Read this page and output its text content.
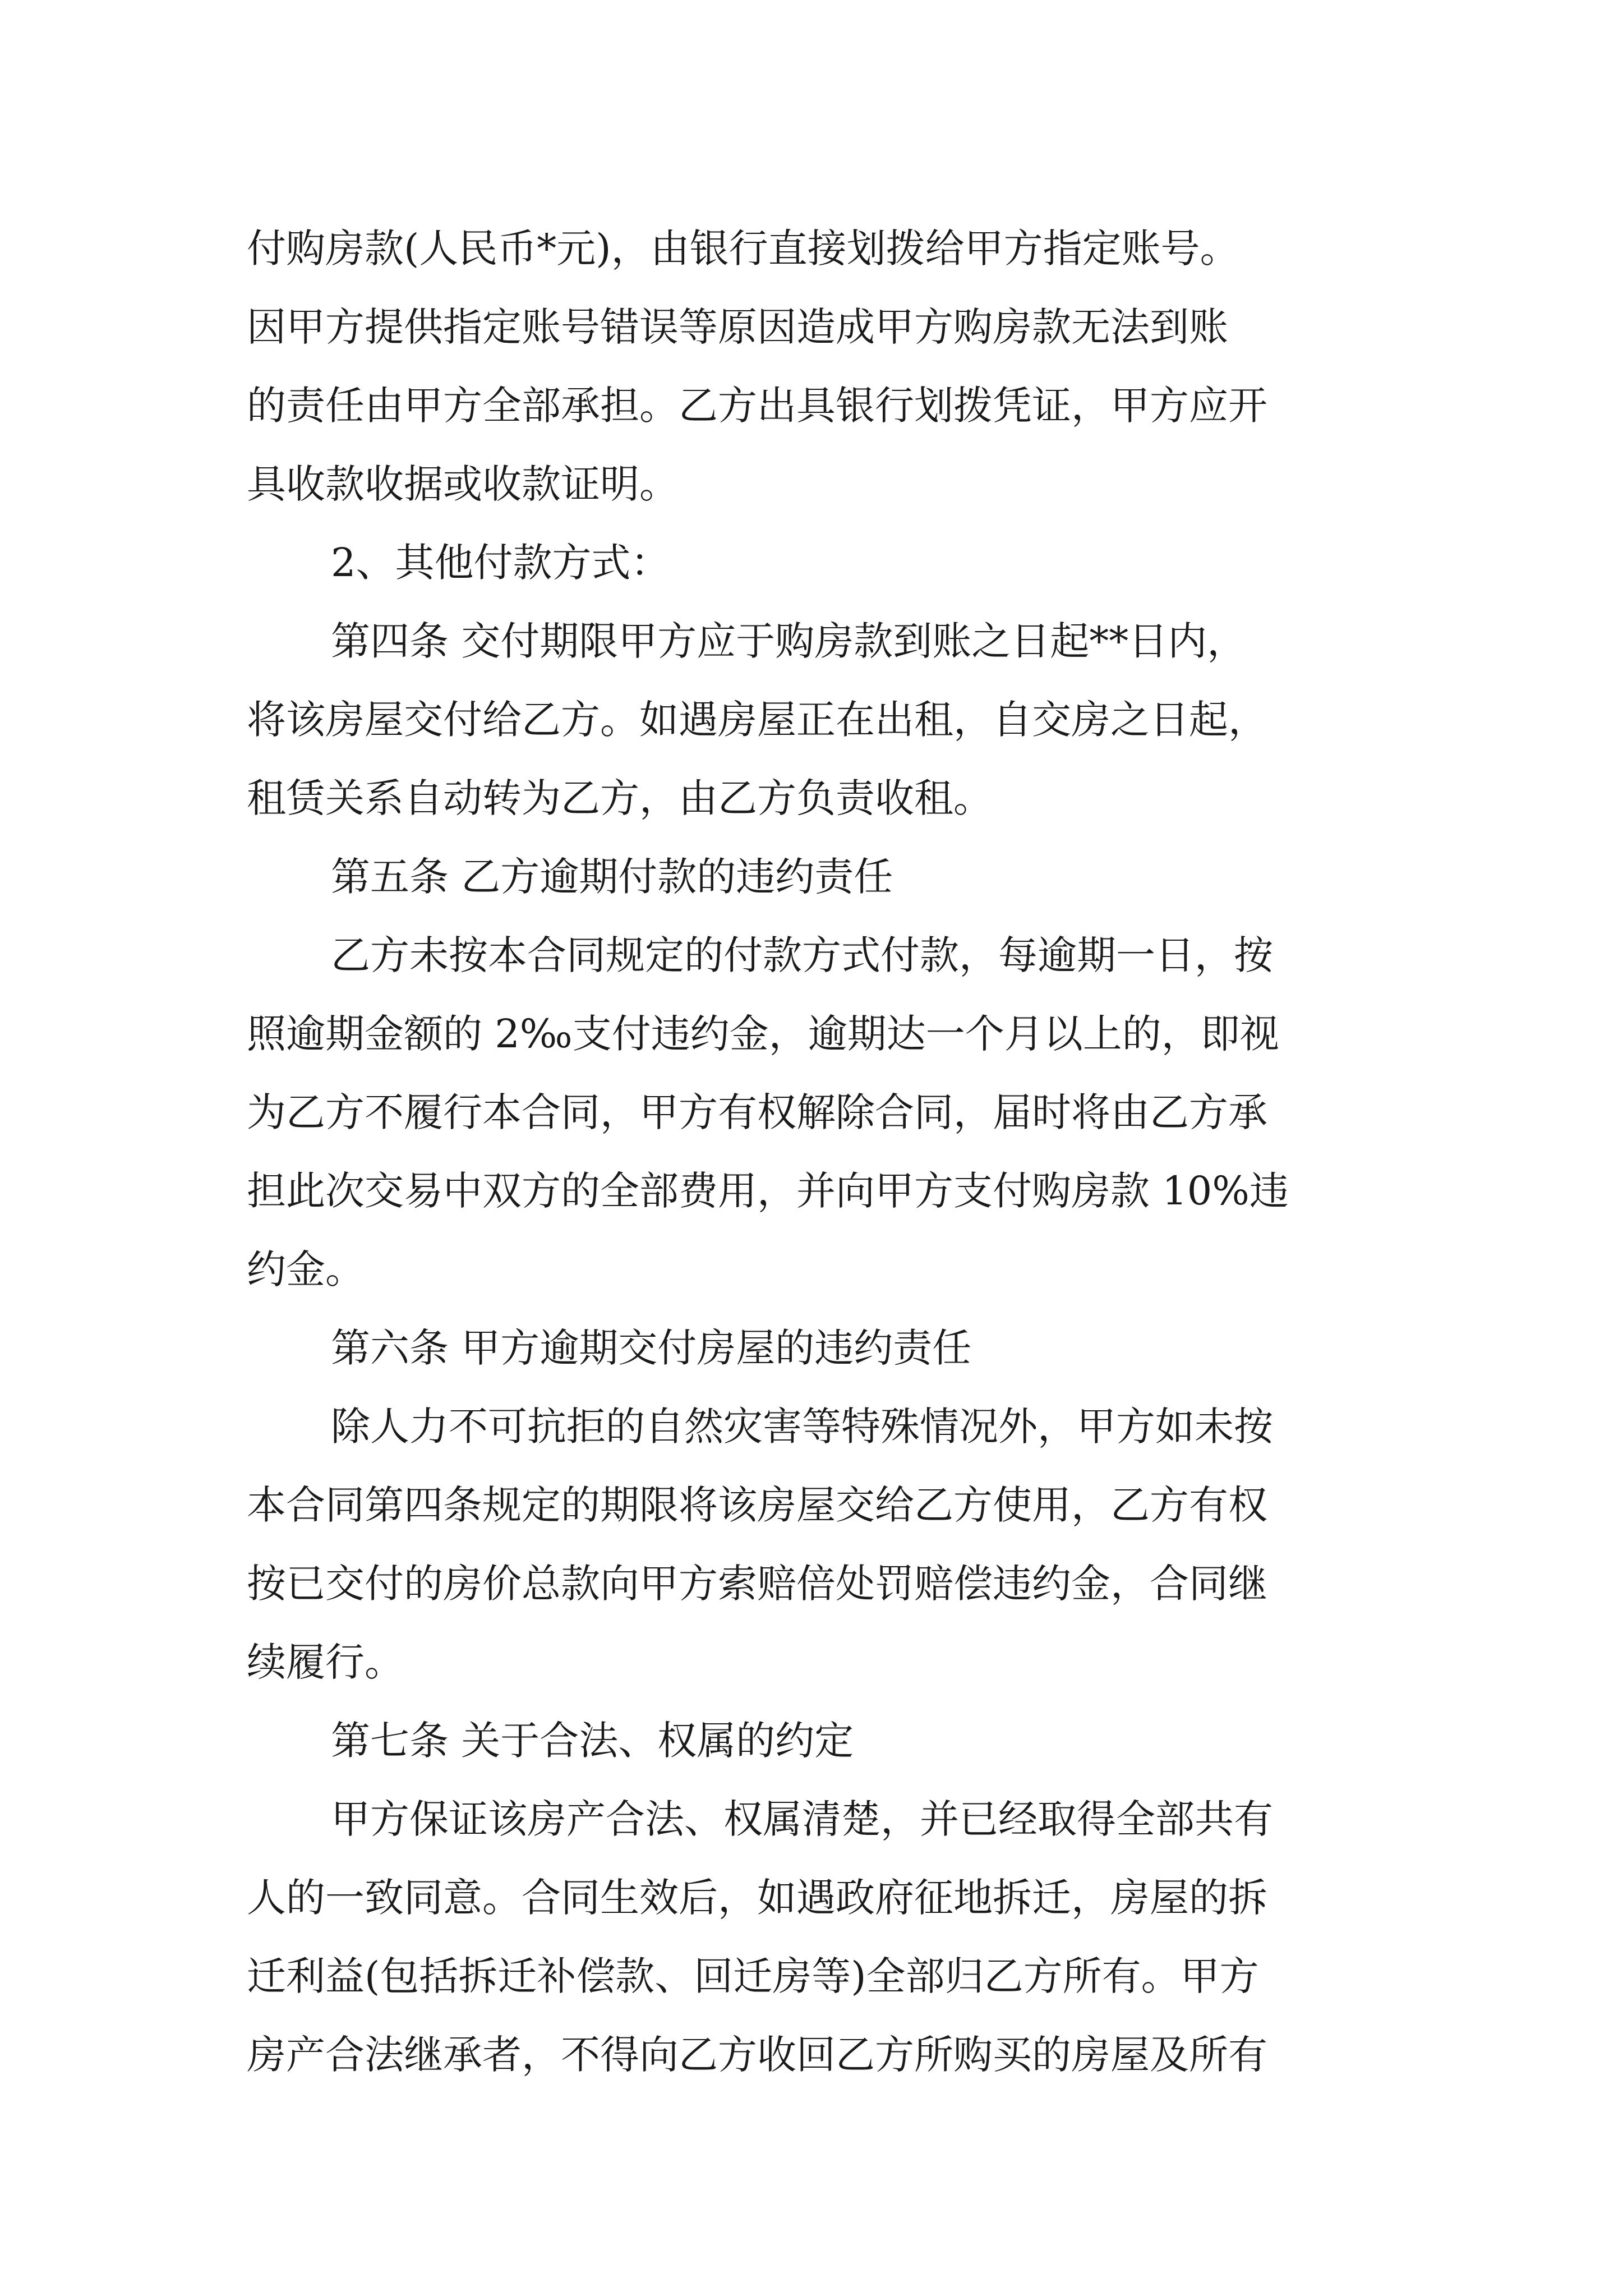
付购房款(人民币*元)，由银行直接划拨给甲方指定账号。
因甲方提供指定账号错误等原因造成甲方购房款无法到账
的责任由甲方全部承担。乙方出具银行划拨凭证，甲方应开
具收款收据或收款证明。
2、其他付款方式：
第四条 交付期限甲方应于购房款到账之日起**日内，
将该房屋交付给乙方。如遇房屋正在出租，自交房之日起，
租赁关系自动转为乙方，由乙方负责收租。
第五条 乙方逾期付款的违约责任
乙方未按本合同规定的付款方式付款，每逾期一日，按
照逾期金额的 2‰支付违约金，逾期达一个月以上的，即视
为乙方不履行本合同，甲方有权解除合同，届时将由乙方承
担此次交易中双方的全部费用，并向甲方支付购房款 10%违
约金。
第六条 甲方逾期交付房屋的违约责任
除人力不可抗拒的自然灾害等特殊情况外，甲方如未按
本合同第四条规定的期限将该房屋交给乙方使用，乙方有权
按已交付的房价总款向甲方索赔倍处罚赔偿违约金，合同继
续履行。
第七条 关于合法、权属的约定
甲方保证该房产合法、权属清楚，并已经取得全部共有
人的一致同意。合同生效后，如遇政府征地拆迁，房屋的拆
迁利益(包括拆迁补偿款、回迁房等)全部归乙方所有。甲方
房产合法继承者，不得向乙方收回乙方所购买的房屋及所有
